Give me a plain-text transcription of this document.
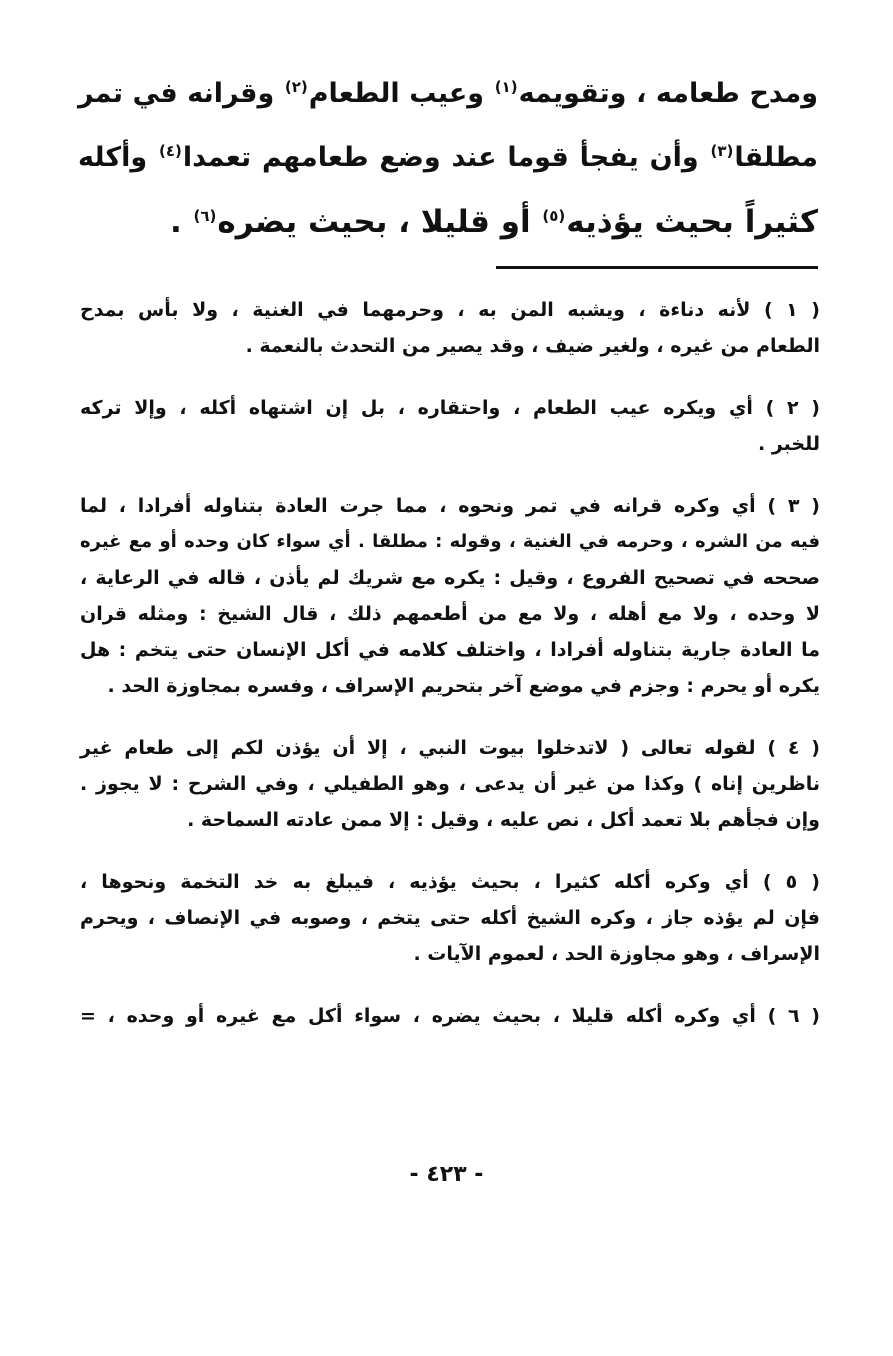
ومدح طعامه ، وتقويمه$^{(١)}$ وعيب الطعام$^{(٢)}$ وقرانه في تمر
مطلقا$^{(٣)}$ وأن يفجأ قوما عند وضع طعامهم تعمدا$^{(٤)}$ وأكله
كثيراً بحيث يؤذيه$^{(٥)}$ أو قليلا ، بحيث يضره$^{(٦)}$ .

( ١ ) لأنه دناءة ، ويشبه المن به ، وحرمهما في الغنية ، ولا بأس بمدح
الطعام من غيره ، ولغير ضيف ، وقد يصير من التحدث بالنعمة .

( ٢ ) أي ويكره عيب الطعام ، واحتقاره ، بل إن اشتهاه أكله ، وإلا تركه
للخبر .

( ٣ ) أي وكره قرانه في تمر ونحوه ، مما جرت العادة بتناوله أفرادا ، لما
فيه من الشره ، وحرمه في الغنية ، وقوله : مطلقا . أي سواء كان وحده أو مع غيره
صححه في تصحيح الفروع ، وقيل : يكره مع شريك لم يأذن ، قاله في الرعاية ،
لا وحده ، ولا مع أهله ، ولا مع من أطعمهم ذلك ، قال الشيخ : ومثله قران
ما العادة جارية بتناوله أفرادا ، واختلف كلامه في أكل الإنسان حتى يتخم : هل
يكره أو يحرم : وجزم في موضع آخر بتحريم الإسراف ، وفسره بمجاوزة الحد .

( ٤ ) لقوله تعالى ( لاتدخلوا بيوت النبي ، إلا أن يؤذن لكم إلى طعام غير
ناظرين إناه ) وكذا من غير أن يدعى ، وهو الطفيلي ، وفي الشرح : لا يجوز .
وإن فجأهم بلا تعمد أكل ، نص عليه ، وقيل : إلا ممن عادته السماحة .

( ٥ ) أي وكره أكله كثيرا ، بحيث يؤذيه ، فيبلغ به خد التخمة ونحوها ،
فإن لم يؤذه جاز ، وكره الشيخ أكله حتى يتخم ، وصوبه في الإنصاف ، ويحرم
الإسراف ، وهو مجاوزة الحد ، لعموم الآيات .

( ٦ ) أي وكره أكله قليلا ، بحيث يضره ، سواء أكل مع غيره أو وحده ، =

- ٤٢٣ -
